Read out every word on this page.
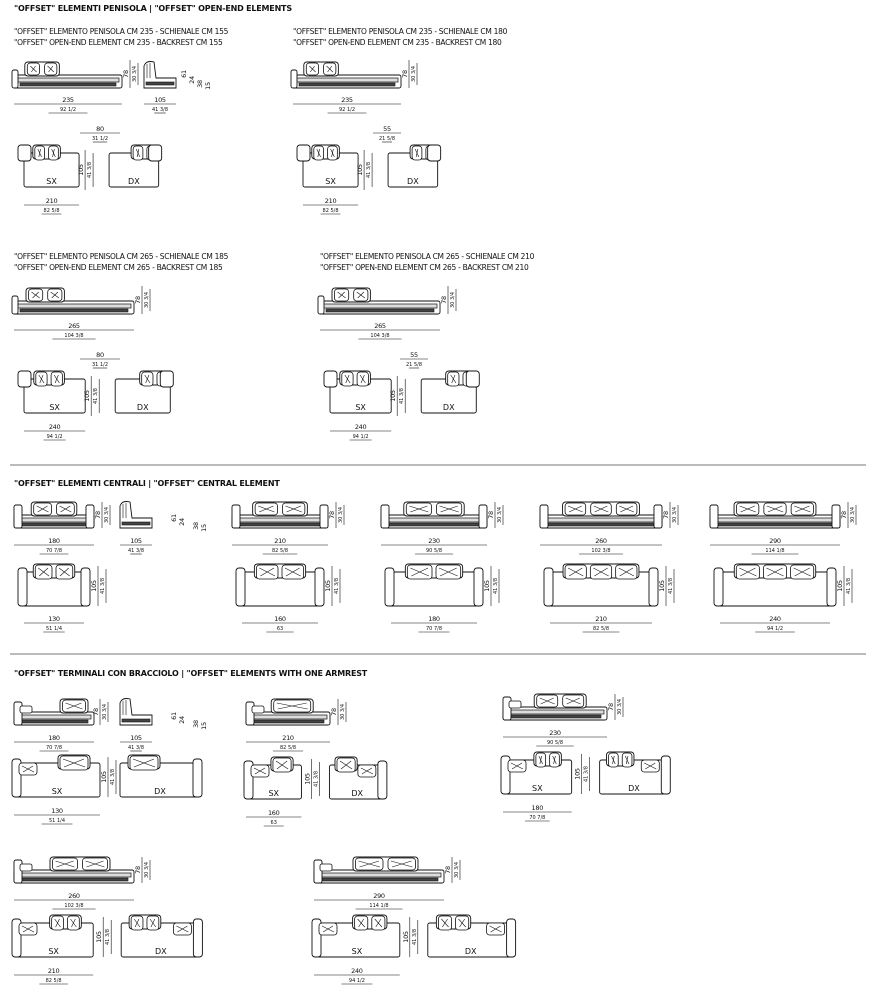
"OFFSET" ELEMENTI PENISOLA | "OFFSET" OPEN-END ELEMENTS
"OFFSET" ELEMENTO PENISOLA CM 235 - SCHIENALE CM 155
"OFFSET" OPEN-END ELEMENT CM 235 - BACKREST CM 155
"OFFSET" ELEMENTO PENISOLA CM 235 - SCHIENALE CM 180
"OFFSET" OPEN-END ELEMENT CM 235 - BACKREST CM 180
"OFFSET" ELEMENTO PENISOLA CM 265 - SCHIENALE CM 185
"OFFSET" OPEN-END ELEMENT CM 265 - BACKREST CM 185
"OFFSET" ELEMENTO PENISOLA CM 265 - SCHIENALE CM 210
"OFFSET" OPEN-END ELEMENT CM 265 - BACKREST CM 210
78 30 3/4
235
92 1/2
105
41 3/8
61
24
38 15
80
31 1/2
SX
105 41 3/8
DX
210
82 5/8
78 30 3/4
235
92 1/2
55
21 5/8
SX
105 41 3/8
DX
210
82 5/8
78 30 3/4
265
104 3/8
80
31 1/2
SX
105 41 3/8
DX
240
94 1/2
78 30 3/4
265
104 3/8
55
21 5/8
SX
105 41 3/8
DX
240
94 1/2
"OFFSET" ELEMENTI CENTRALI | "OFFSET" CENTRAL ELEMENT
78 30 3/4
180
70 7/8
105 41 3/8
130
51 1/4
78 30 3/4
210
82 5/8
105 41 3/8
160
63
78 30 3/4
230
90 5/8
105 41 3/8
180
70 7/8
78 30 3/4
260
102 3/8
105 41 3/8
210
82 5/8
78 30 3/4
290
114 1/8
105 41 3/8
240
94 1/2
105
41 3/8
61
24
38 15
"OFFSET" TERMINALI CON BRACCIOLO | "OFFSET" ELEMENTS WITH ONE ARMREST
78 30 3/4
180
70 7/8
105
41 3/8
61
24
38 15
SX
105 41 3/8
DX
130
51 1/4
78 30 3/4
210
82 5/8
SX
105 41 3/8
DX
160
63
78 30 3/4
230
90 5/8
SX
105 41 3/8
DX
180
70 7/8
78 30 3/4
260
102 3/8
SX
105 41 3/8
DX
210
82 5/8
78 30 3/4
290
114 1/8
SX
105 41 3/8
DX
240
94 1/2
